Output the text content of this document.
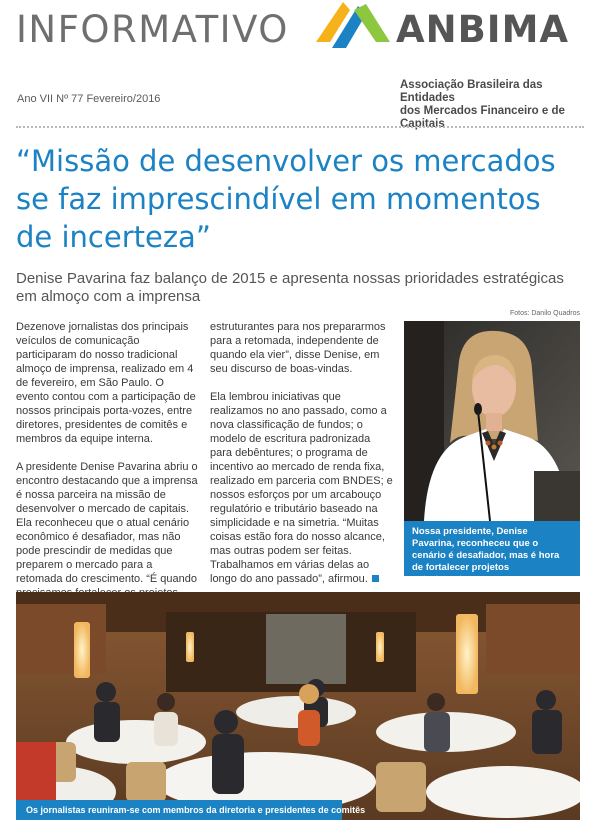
INFORMATIVO	ANBIMA
Ano VII Nº 77 Fevereiro/2016
Associação Brasileira das Entidades
dos Mercados Financeiro e de Capitais
“Missão de desenvolver os mercados se faz imprescindível em momentos de incerteza”
Denise Pavarina faz balanço de 2015 e apresenta nossas prioridades estratégicas em almoço com a imprensa

Dezenove jornalistas dos principais veículos de comunicação participaram do nosso tradicional almoço de imprensa, realizado em 4 de fevereiro, em São Paulo. O evento contou com a participação de nossos principais porta-vozes, entre diretores, presidentes de comitês e membros da equipe interna.

A presidente Denise Pavarina abriu o encontro destacando que a imprensa é nossa parceira na missão de desenvolver o mercado de capitais. Ela reconheceu que o atual cenário econômico é desafiador, mas não pode prescindir de medidas que preparem o mercado para a retomada do crescimento. “É quando

estruturantes para nos prepararmos para a retomada, independente de quando ela vier”, disse Denise, em seu discurso de boas-vindas.

Ela lembrou iniciativas que realizamos no ano passado, como a nova classificação de fundos; o modelo de escritura padronizada para debêntures; o programa de incentivo ao mercado de renda fixa, realizado em parceria com BNDES; e nossos esforços por um arcabouço regulatório e tributário baseado na simplicidade e na simetria. “Muitas coisas estão fora do nosso alcance, mas outras podem ser feitas. Trabalhamos em várias delas ao longo do ano passado”, afirmou.

Fotos: Danilo Quadros
Nossa presidente, Denise Pavarina, reconheceu que o cenário é desafiador, mas é hora de fortalecer projetos estruturantes
Os jornalistas reuniram-se com membros da diretoria e presidentes de comitês
